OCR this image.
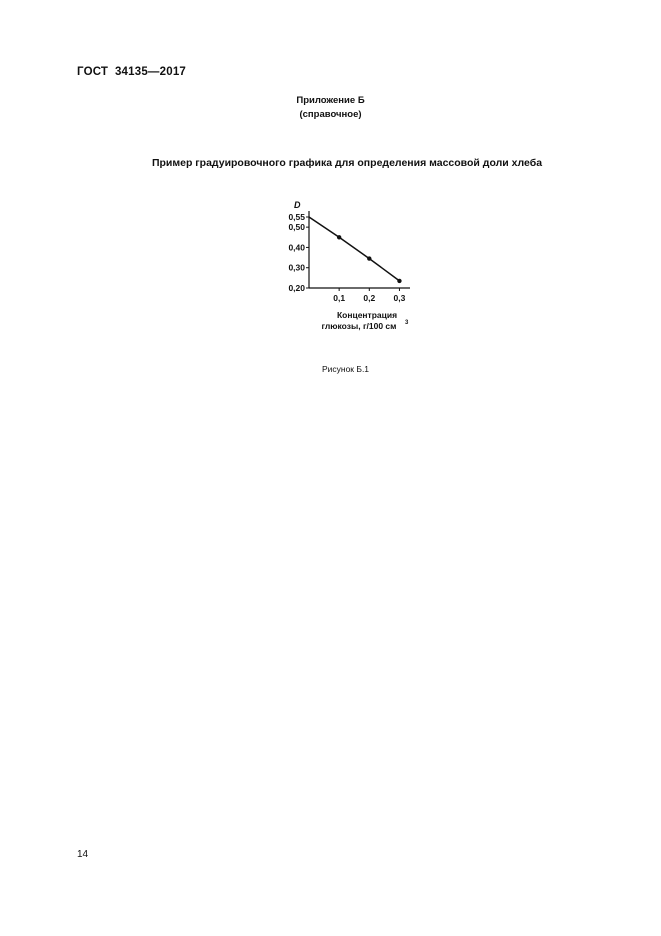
ГОСТ  34135—2017
Приложение Б
(справочное)
Пример градуировочного графика для определения массовой доли хлеба
0,55
0,50
0,40
0,30
0,20
0,1 0,2 0,3
D
Концентрация
глюкозы, г/100 см 3
Рисунок Б.1
14
